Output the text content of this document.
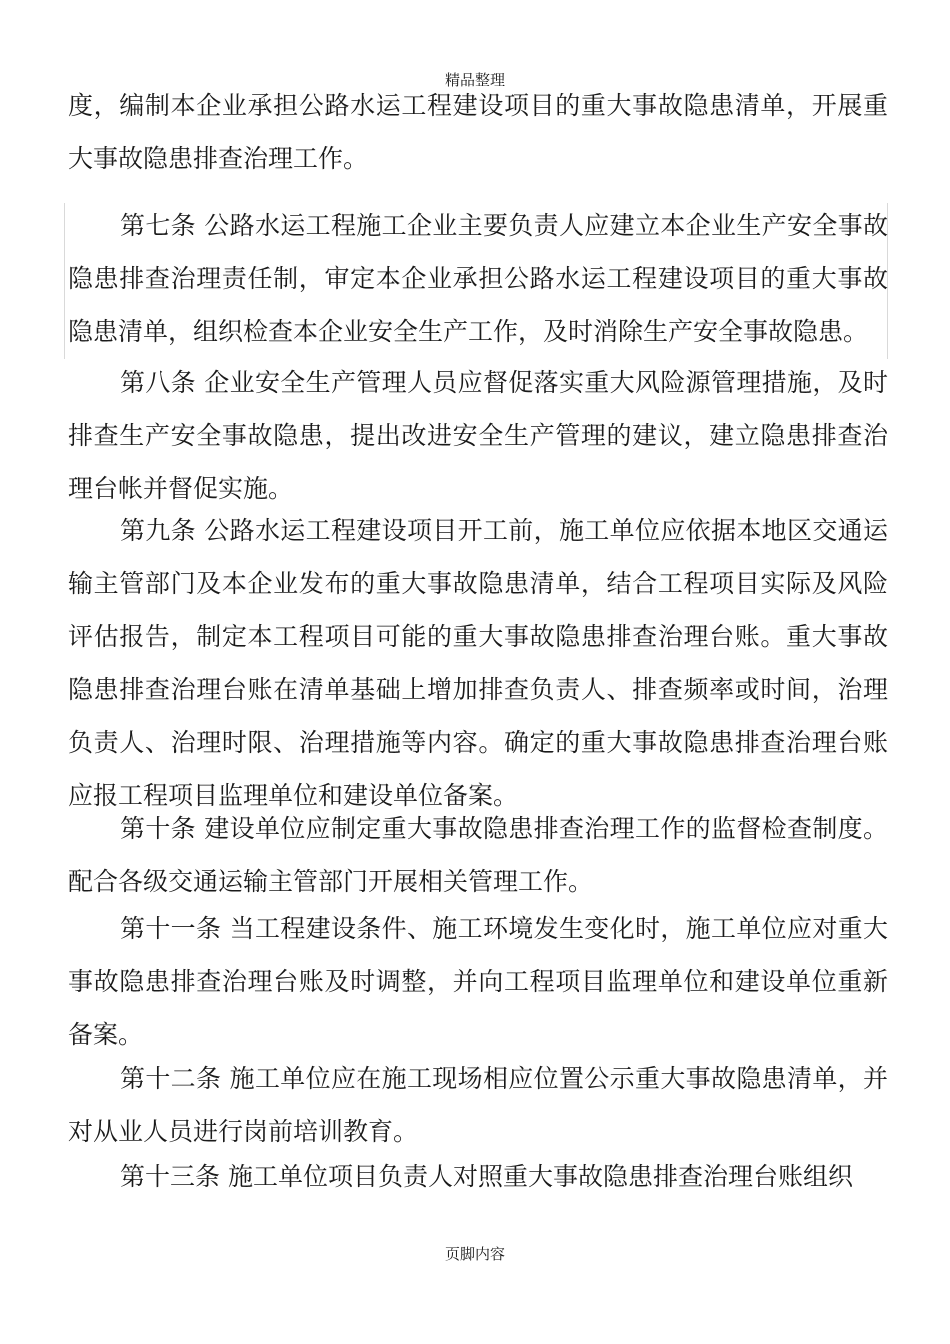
精品整理

度，编制本企业承担公路水运工程建设项目的重大事故隐患清单，开展重大事故隐患排查治理工作。

第七条 公路水运工程施工企业主要负责人应建立本企业生产安全事故隐患排查治理责任制，审定本企业承担公路水运工程建设项目的重大事故隐患清单，组织检查本企业安全生产工作，及时消除生产安全事故隐患。

第八条 企业安全生产管理人员应督促落实重大风险源管理措施，及时排查生产安全事故隐患，提出改进安全生产管理的建议，建立隐患排查治理台帐并督促实施。

第九条 公路水运工程建设项目开工前，施工单位应依据本地区交通运输主管部门及本企业发布的重大事故隐患清单，结合工程项目实际及风险评估报告，制定本工程项目可能的重大事故隐患排查治理台账。重大事故隐患排查治理台账在清单基础上增加排查负责人、排查频率或时间，治理负责人、治理时限、治理措施等内容。确定的重大事故隐患排查治理台账应报工程项目监理单位和建设单位备案。

第十条 建设单位应制定重大事故隐患排查治理工作的监督检查制度。配合各级交通运输主管部门开展相关管理工作。

第十一条 当工程建设条件、施工环境发生变化时，施工单位应对重大事故隐患排查治理台账及时调整，并向工程项目监理单位和建设单位重新备案。

第十二条 施工单位应在施工现场相应位置公示重大事故隐患清单，并对从业人员进行岗前培训教育。

第十三条 施工单位项目负责人对照重大事故隐患排查治理台账组织

页脚内容
